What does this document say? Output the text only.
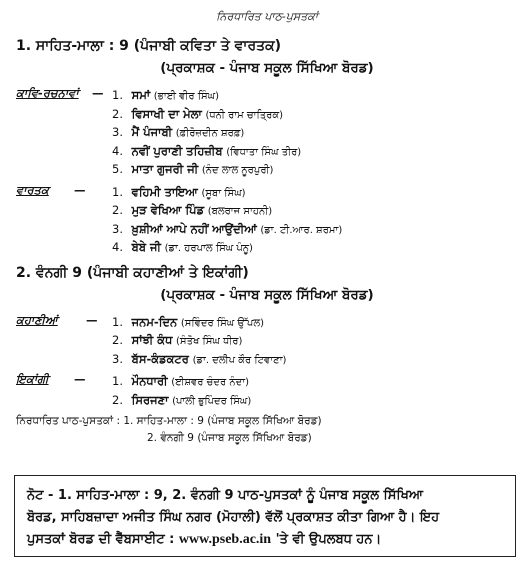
ਨਿਰਧਾਰਿਤ ਪਾਠ-ਪੁਸਤਕਾਂ
1. ਸਾਹਿਤ-ਮਾਲਾ : 9 (ਪੰਜਾਬੀ ਕਵਿਤਾ ਤੇ ਵਾਰਤਕ)
(ਪ੍ਰਕਾਸ਼ਕ - ਪੰਜਾਬ ਸਕੂਲ ਸਿੱਖਿਆ ਬੋਰਡ)
ਕਾਵਿ-ਰਚਨਾਵਾਂ — 1. ਸਮਾਂ (ਭਾਈ ਵੀਰ ਸਿੰਘ)
2. ਵਿਸਾਖੀ ਦਾ ਮੇਲਾ (ਧਨੀ ਰਾਮ ਚਾਤ੍ਰਿਕ)
3. ਮੈਂ ਪੰਜਾਬੀ (ਫ਼ੀਰੋਜ਼ਦੀਨ ਸ਼ਰਫ਼)
4. ਨਵੀਂ ਪੁਰਾਣੀ ਤਹਿਜ਼ੀਬ (ਵਿਧਾਤਾ ਸਿੰਘ ਤੀਰ)
5. ਮਾਤਾ ਗੁਜਰੀ ਜੀ (ਨੰਦ ਲਾਲ ਨੂਰਪੁਰੀ)
ਵਾਰਤਕ — 1. ਵਹਿਮੀ ਤਾਇਆ (ਸੂਬਾ ਸਿੰਘ)
2. ਮੁੜ ਵੇਖਿਆ ਪਿੰਡ (ਬਲਰਾਜ ਸਾਹਨੀ)
3. ਖ਼ੁਸ਼ੀਆਂ ਆਪੇ ਨਹੀਂ ਆਉਂਦੀਆਂ (ਡਾ. ਟੀ.ਆਰ. ਸ਼ਰਮਾ)
4. ਬੇਬੇ ਜੀ (ਡਾ. ਹਰਪਾਲ ਸਿੰਘ ਪੰਨੂ)
2. ਵੰਨਗੀ 9 (ਪੰਜਾਬੀ ਕਹਾਣੀਆਂ ਤੇ ਇਕਾਂਗੀ)
(ਪ੍ਰਕਾਸ਼ਕ - ਪੰਜਾਬ ਸਕੂਲ ਸਿੱਖਿਆ ਬੋਰਡ)
ਕਹਾਣੀਆਂ — 1. ਜਨਮ-ਦਿਨ (ਸਵਿੰਦਰ ਸਿੰਘ ਉੱਪਲ)
2. ਸਾਂਝੀ ਕੰਧ (ਸੰਤੋਖ ਸਿੰਘ ਧੀਰ)
3. ਬੱਸ-ਕੰਡਕਟਰ (ਡਾ. ਦਲੀਪ ਕੌਰ ਟਿਵਾਣਾ)
ਇਕਾਂਗੀ — 1. ਮੌਨਧਾਰੀ (ਈਸ਼ਵਰ ਚੰਦਰ ਨੰਦਾ)
2. ਸਿਰਜਣਾ (ਪਾਲੀ ਭੁਪਿੰਦਰ ਸਿੰਘ)
ਨਿਰਧਾਰਿਤ ਪਾਠ-ਪੁਸਤਕਾਂ : 1. ਸਾਹਿਤ-ਮਾਲਾ : 9 (ਪੰਜਾਬ ਸਕੂਲ ਸਿੱਖਿਆ ਬੋਰਡ)
2. ਵੰਨਗੀ 9 (ਪੰਜਾਬ ਸਕੂਲ ਸਿੱਖਿਆ ਬੋਰਡ)
ਨੋਟ - 1. ਸਾਹਿਤ-ਮਾਲਾ : 9, 2. ਵੰਨਗੀ 9 ਪਾਠ-ਪੁਸਤਕਾਂ ਨੂੰ ਪੰਜਾਬ ਸਕੂਲ ਸਿੱਖਿਆ
ਬੋਰਡ, ਸਾਹਿਬਜ਼ਾਦਾ ਅਜੀਤ ਸਿੰਘ ਨਗਰ (ਮੋਹਾਲੀ) ਵੱਲੋਂ ਪ੍ਰਕਾਸ਼ਤ ਕੀਤਾ ਗਿਆ ਹੈ। ਇਹ
ਪੁਸਤਕਾਂ ਬੋਰਡ ਦੀ ਵੈੱਬਸਾਈਟ : www.pseb.ac.in 'ਤੇ ਵੀ ਉਪਲਬਧ ਹਨ।
